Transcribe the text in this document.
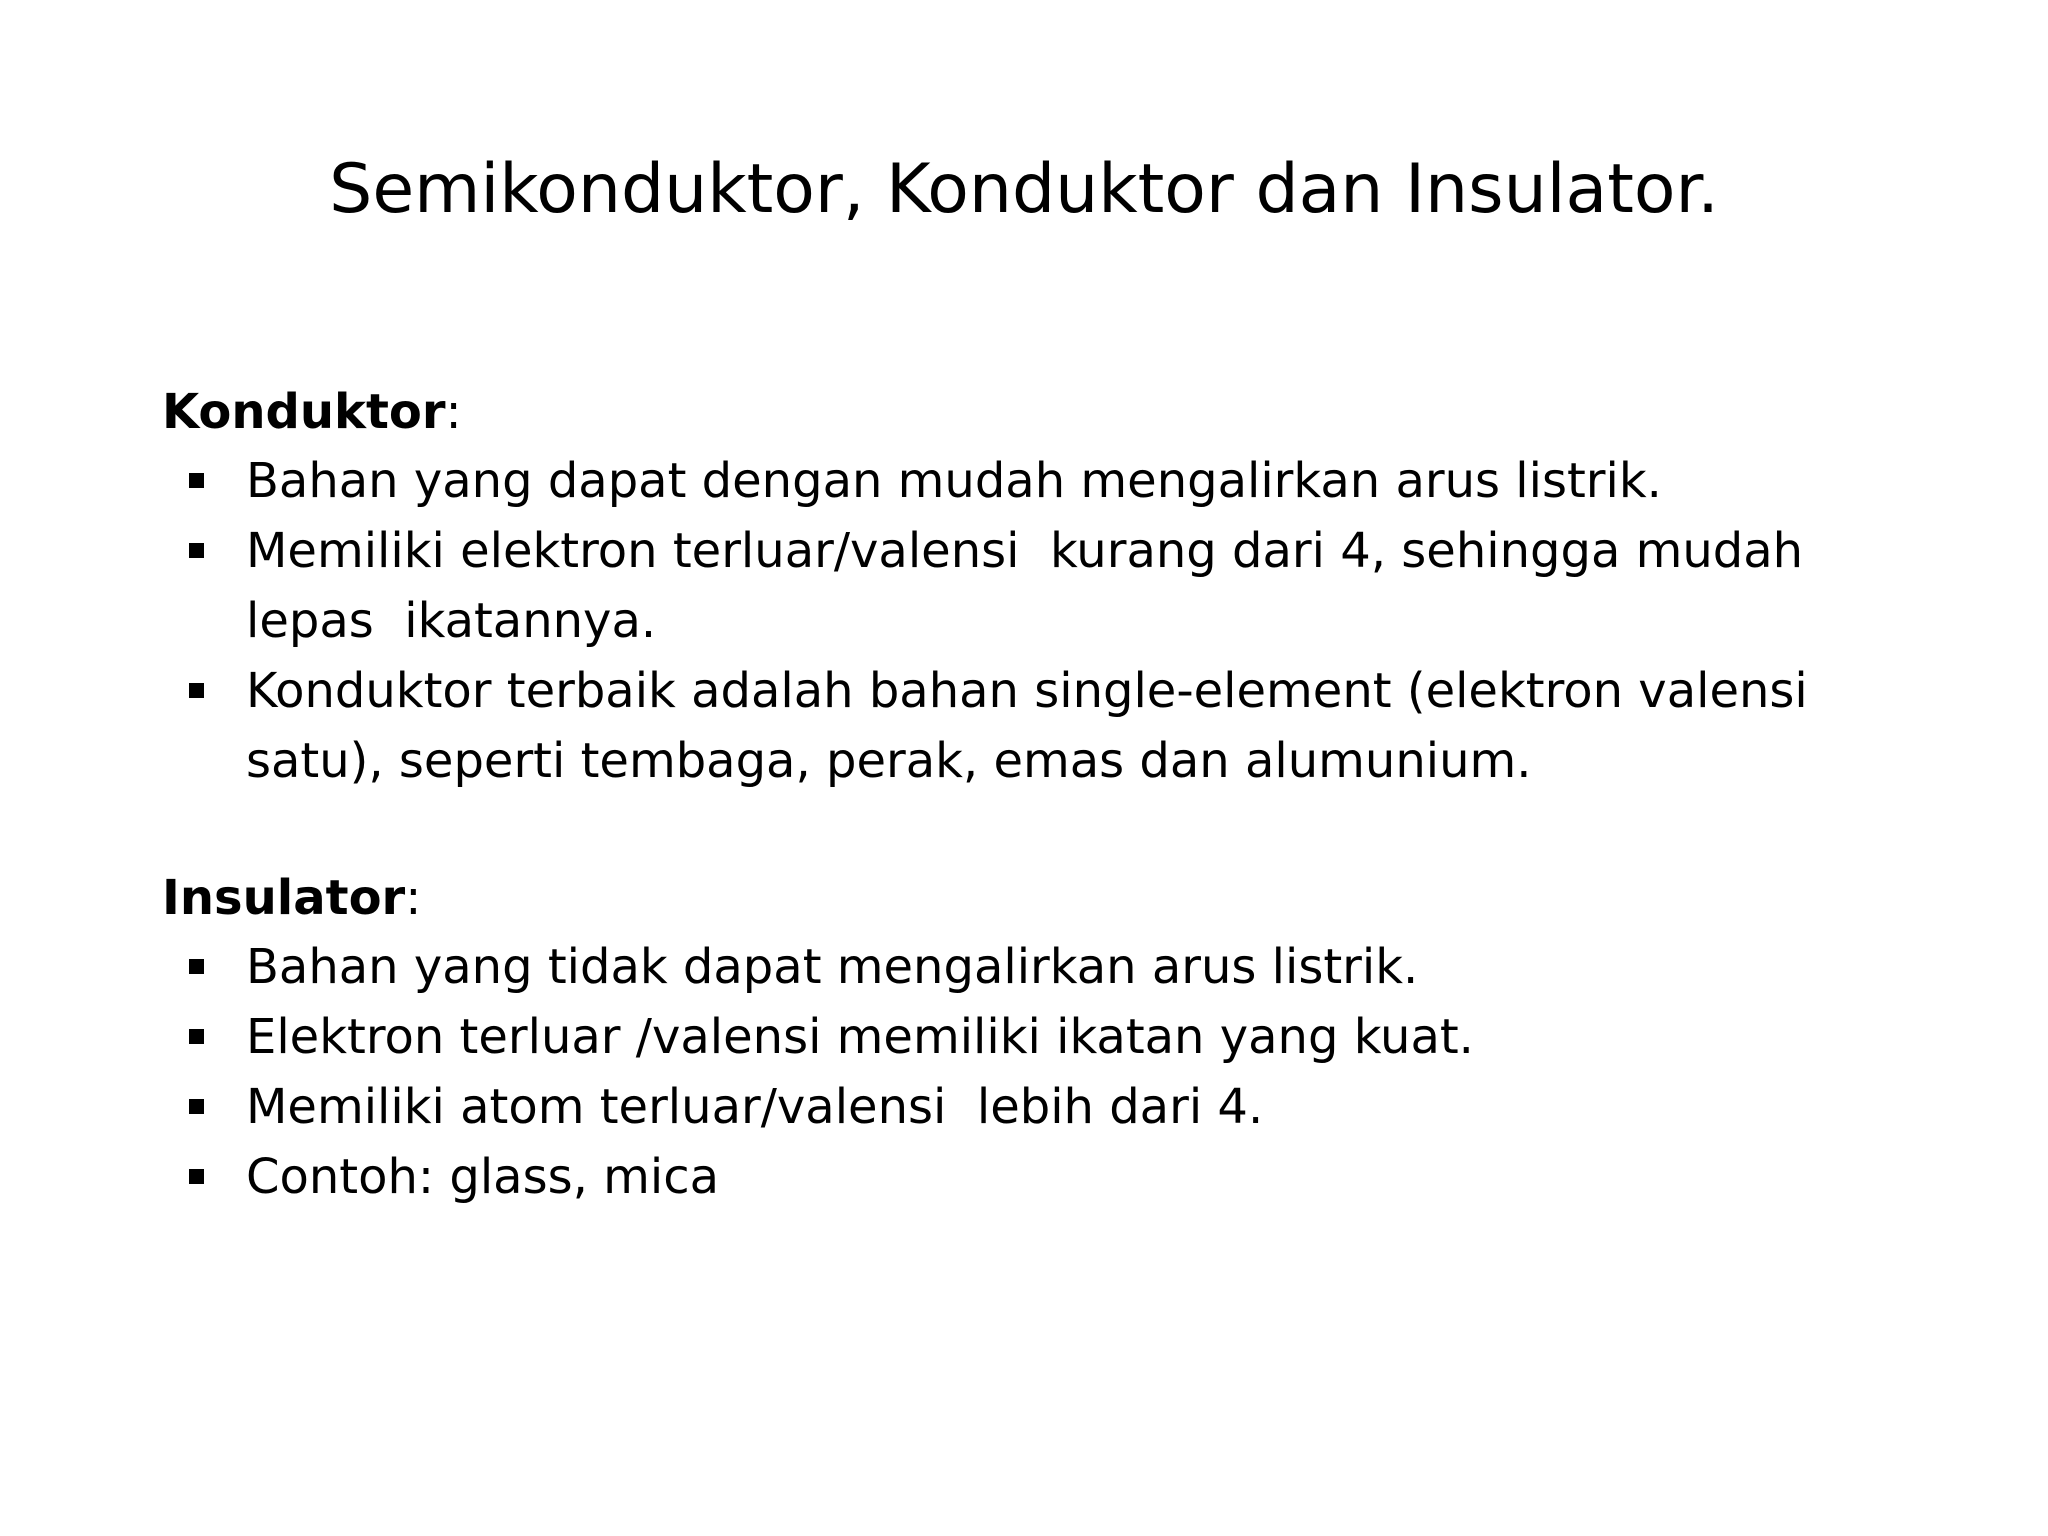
Semikonduktor, Konduktor dan Insulator.
Konduktor:
Bahan yang dapat dengan mudah mengalirkan arus listrik.
Memiliki elektron terluar/valensi  kurang dari 4, sehingga mudah lepas  ikatannya.
Konduktor terbaik adalah bahan single-element (elektron valensi satu), seperti tembaga, perak, emas dan alumunium.
Insulator:
Bahan yang tidak dapat mengalirkan arus listrik.
Elektron terluar /valensi memiliki ikatan yang kuat.
Memiliki atom terluar/valensi  lebih dari 4.
Contoh: glass, mica
